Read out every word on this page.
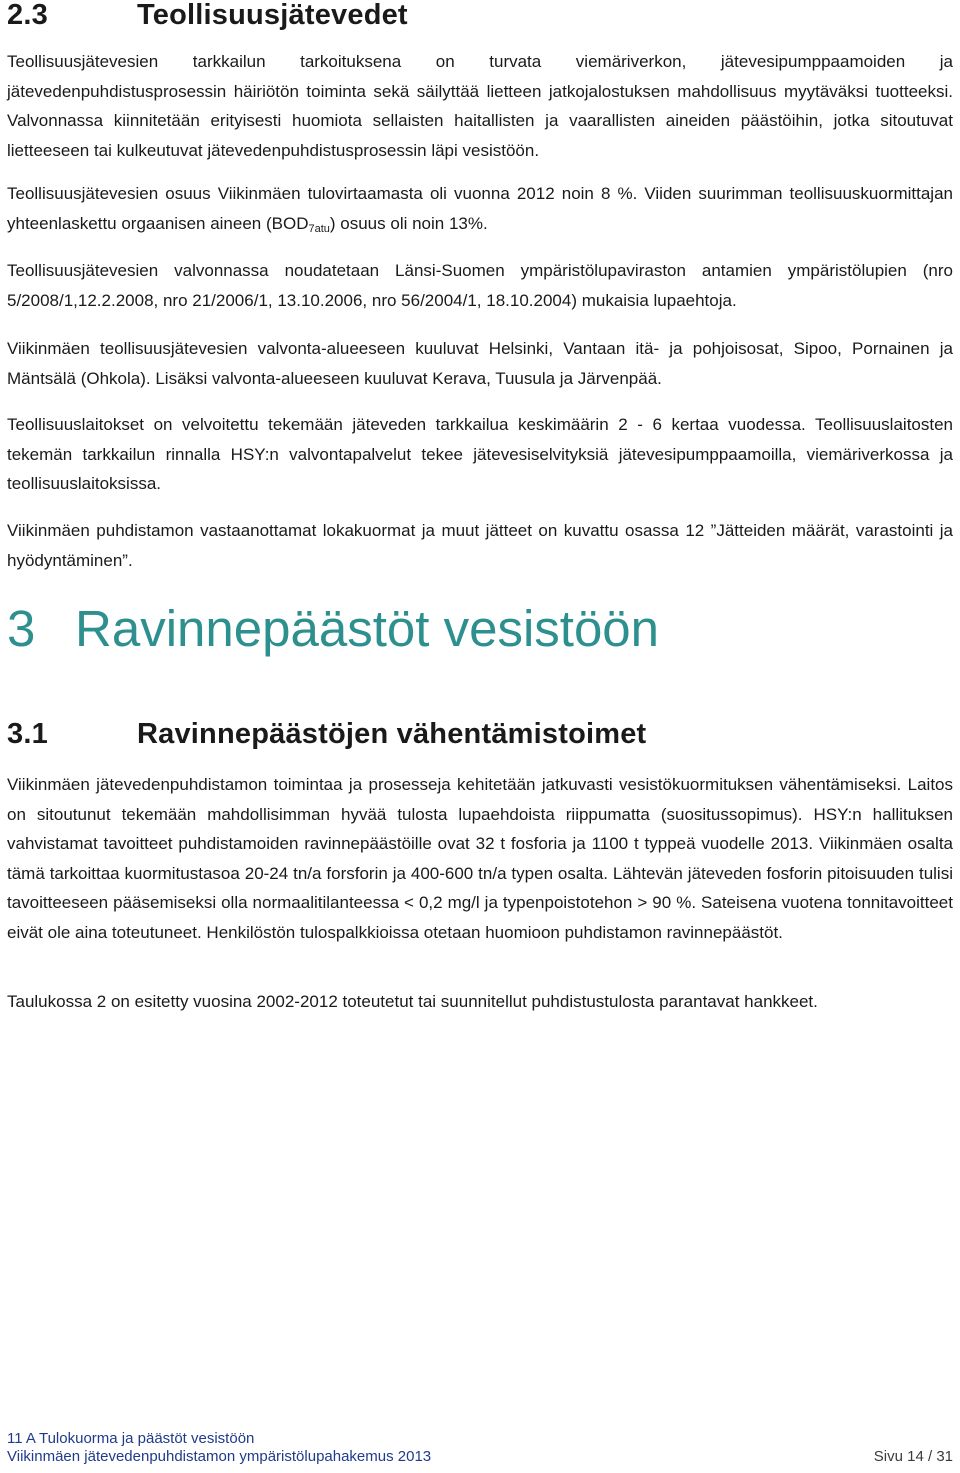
2.3	Teollisuusjätevedet

Teollisuusjätevesien tarkkailun tarkoituksena on turvata viemäriverkon, jätevesipumppaamoiden ja jätevedenpuhdistusprosessin häiriötön toiminta sekä säilyttää lietteen jatkojalostuksen mahdollisuus myytäväksi tuotteeksi. Valvonnassa kiinnitetään erityisesti huomiota sellaisten haitallisten ja vaarallisten aineiden päästöihin, jotka sitoutuvat lietteeseen tai kulkeutuvat jätevedenpuhdistusprosessin läpi vesistöön.

Teollisuusjätevesien osuus Viikinmäen tulovirtaamasta oli vuonna 2012 noin 8 %. Viiden suurimman teollisuuskuormittajan yhteenlaskettu orgaanisen aineen $(BOD_{7atu})$ osuus oli noin 13%.

Teollisuusjätevesien valvonnassa noudatetaan Länsi-Suomen ympäristölupaviraston antamien ympäristölupien (nro 5/2008/1,12.2.2008, nro 21/2006/1, 13.10.2006, nro 56/2004/1, 18.10.2004) mukaisia lupaehtoja.

Viikinmäen teollisuusjätevesien valvonta-alueeseen kuuluvat Helsinki, Vantaan itä- ja pohjoisosat, Sipoo, Pornainen ja Mäntsälä (Ohkola). Lisäksi valvonta-alueeseen kuuluvat Kerava, Tuusula ja Järvenpää.

Teollisuuslaitokset on velvoitettu tekemään jäteveden tarkkailua keskimäärin 2 - 6 kertaa vuodessa. Teollisuuslaitosten tekemän tarkkailun rinnalla HSY:n valvontapalvelut tekee jätevesiselvityksiä jätevesipumppaamoilla, viemäriverkossa ja teollisuuslaitoksissa.

Viikinmäen puhdistamon vastaanottamat lokakuormat ja muut jätteet on kuvattu osassa 12 ”Jätteiden määrät, varastointi ja hyödyntäminen”.

3 Ravinnepäästöt vesistöön
3.1	Ravinnepäästöjen vähentämistoimet

Viikinmäen jätevedenpuhdistamon toimintaa ja prosesseja kehitetään jatkuvasti vesistökuormituksen vähentämiseksi. Laitos on sitoutunut tekemään mahdollisimman hyvää tulosta lupaehdoista riippumatta (suositussopimus). HSY:n hallituksen vahvistamat tavoitteet puhdistamoiden ravinnepäästöille ovat 32 t fosforia ja 1100 t typpeä vuodelle 2013. Viikinmäen osalta tämä tarkoittaa kuormitustasoa 20-24 tn/a forsforin ja 400-600 tn/a typen osalta. Lähtevän jäteveden fosforin pitoisuuden tulisi tavoitteeseen pääsemiseksi olla normaalitilanteessa < 0,2 mg/l ja typenpoistotehon > 90 %. Sateisena vuotena tonnitavoitteet eivät ole aina toteutuneet. Henkilöstön tulospalkkioissa otetaan huomioon puhdistamon ravinnepäästöt.

Taulukossa 2 on esitetty vuosina 2002-2012 toteutetut tai suunnitellut puhdistustulosta parantavat hankkeet.

11 A Tulokuorma ja päästöt vesistöön
Viikinmäen jätevedenpuhdistamon ympäristölupahakemus 2013	Sivu 14 / 31
